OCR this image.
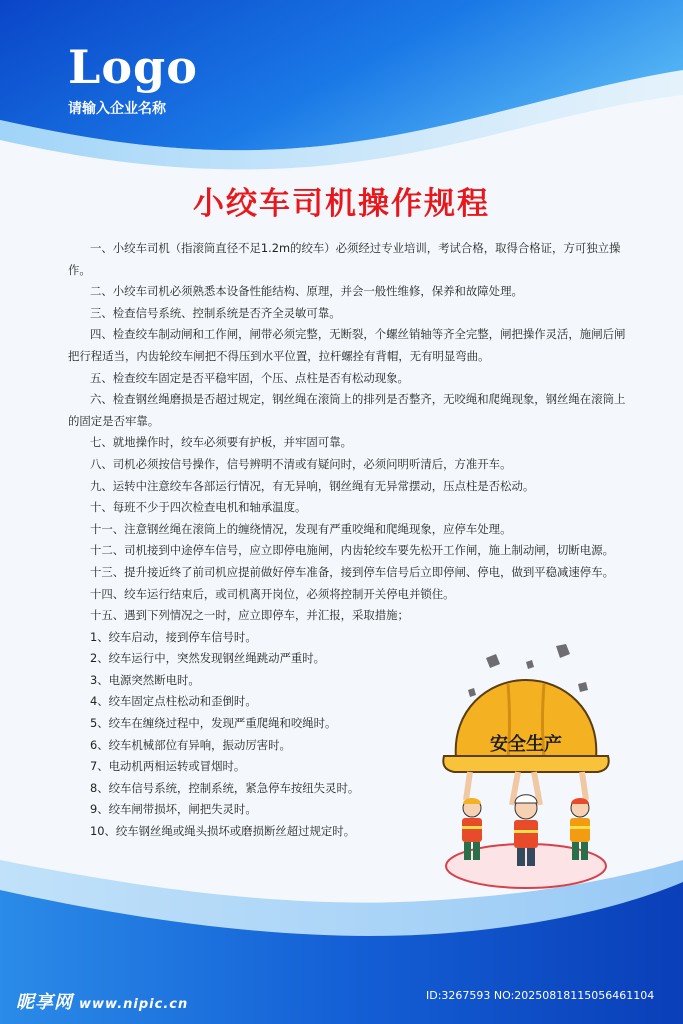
Logo
请输入企业名称
小绞车司机操作规程

一、小绞车司机（指滚筒直径不足1.2m的绞车）必须经过专业培训，考试合格，取得合格证，方可独立操作。

二、小绞车司机必须熟悉本设备性能结构、原理，并会一般性维修，保养和故障处理。

三、检查信号系统、控制系统是否齐全灵敏可靠。

四、检查绞车制动闸和工作闸，闸带必须完整，无断裂，个螺丝销轴等齐全完整，闸把操作灵活，施闸后闸把行程适当，内齿轮绞车闸把不得压到水平位置，拉杆螺拴有背帽，无有明显弯曲。

五、检查绞车固定是否平稳牢固，个压、点柱是否有松动现象。

六、检查钢丝绳磨损是否超过规定，钢丝绳在滚筒上的排列是否整齐，无咬绳和爬绳现象，钢丝绳在滚筒上的固定是否牢靠。

七、就地操作时，绞车必须要有护板，并牢固可靠。

八、司机必须按信号操作，信号辨明不清或有疑问时，必须问明听清后，方准开车。

九、运转中注意绞车各部运行情况，有无异响，钢丝绳有无异常摆动，压点柱是否松动。

十、每班不少于四次检查电机和轴承温度。

十一、注意钢丝绳在滚筒上的缠绕情况，发现有严重咬绳和爬绳现象，应停车处理。

十二、司机接到中途停车信号，应立即停电施闸，内齿轮绞车要先松开工作闸，施上制动闸，切断电源。

十三、提升接近终了前司机应提前做好停车准备，接到停车信号后立即停闸、停电，做到平稳减速停车。

十四、绞车运行结束后，或司机离开岗位，必须将控制开关停电并锁住。

十五、遇到下列情况之一时，应立即停车，并汇报，采取措施；

1、绞车启动，接到停车信号时。

2、绞车运行中，突然发现钢丝绳跳动严重时。

3、电源突然断电时。

4、绞车固定点柱松动和歪倒时。

5、绞车在缠绕过程中，发现严重爬绳和咬绳时。

6、绞车机械部位有异响，振动厉害时。

7、电动机两相运转或冒烟时。

8、绞车信号系统，控制系统，紧急停车按纽失灵时。

9、绞车闸带损坏，闸把失灵时。

10、绞车钢丝绳或绳头损坏或磨损断丝超过规定时。

安全生产
昵享网 www.nipic.cn
ID:3267593 NO:20250818115056461104
